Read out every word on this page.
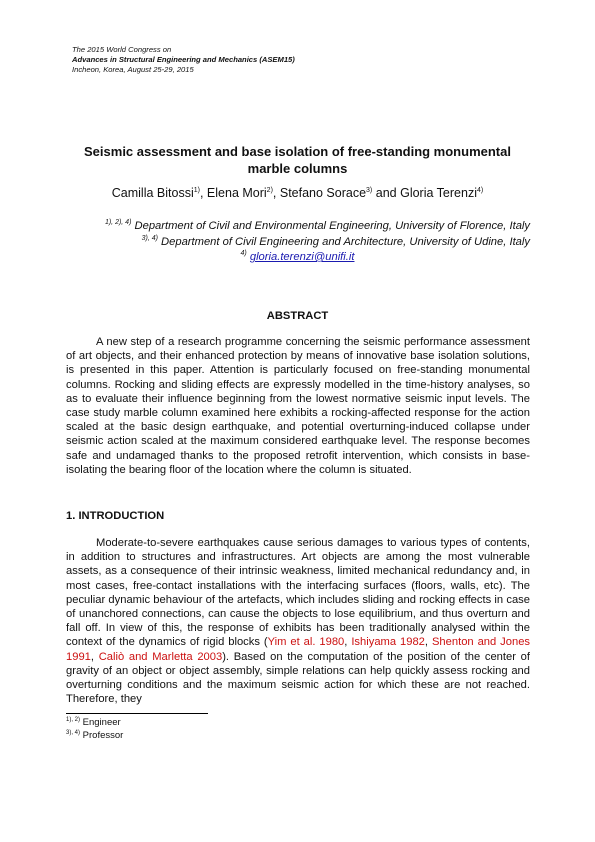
The 2015 World Congress on
Advances in Structural Engineering and Mechanics (ASEM15)
Incheon, Korea, August 25-29, 2015
Seismic assessment and base isolation of free-standing monumental
marble columns
Camilla Bitossi$^{1)}$, Elena Mori$^{2)}$, Stefano Sorace$^{3)}$ and Gloria Terenzi$^{4)}$
$^{1), 2), 4)}$ Department of Civil and Environmental Engineering, University of Florence, Italy
$^{3), 4)}$ Department of Civil Engineering and Architecture, University of Udine, Italy
$^{4)}$ gloria.terenzi@unifi.it
ABSTRACT

A new step of a research programme concerning the seismic performance assessment of art objects, and their enhanced protection by means of innovative base isolation solutions, is presented in this paper. Attention is particularly focused on free-standing monumental columns. Rocking and sliding effects are expressly modelled in the time-history analyses, so as to evaluate their influence beginning from the lowest normative seismic input levels. The case study marble column examined here exhibits a rocking-affected response for the action scaled at the basic design earthquake, and potential overturning-induced collapse under seismic action scaled at the maximum considered earthquake level. The response becomes safe and undamaged thanks to the proposed retrofit intervention, which consists in base-isolating the bearing floor of the location where the column is situated.

1. INTRODUCTION

Moderate-to-severe earthquakes cause serious damages to various types of contents, in addition to structures and infrastructures. Art objects are among the most vulnerable assets, as a consequence of their intrinsic weakness, limited mechanical redundancy and, in most cases, free-contact installations with the interfacing surfaces (floors, walls, etc). The peculiar dynamic behaviour of the artefacts, which includes sliding and rocking effects in case of unanchored connections, can cause the objects to lose equilibrium, and thus overturn and fall off. In view of this, the response of exhibits has been traditionally analysed within the context of the dynamics of rigid blocks (Yim et al. 1980, Ishiyama 1982, Shenton and Jones 1991, Caliò and Marletta 2003). Based on the computation of the position of the center of gravity of an object or object assembly, simple relations can help quickly assess rocking and overturning conditions and the maximum seismic action for which these are not reached. Therefore, they

$^{1), 2)}$ Engineer
$^{3), 4)}$ Professor
